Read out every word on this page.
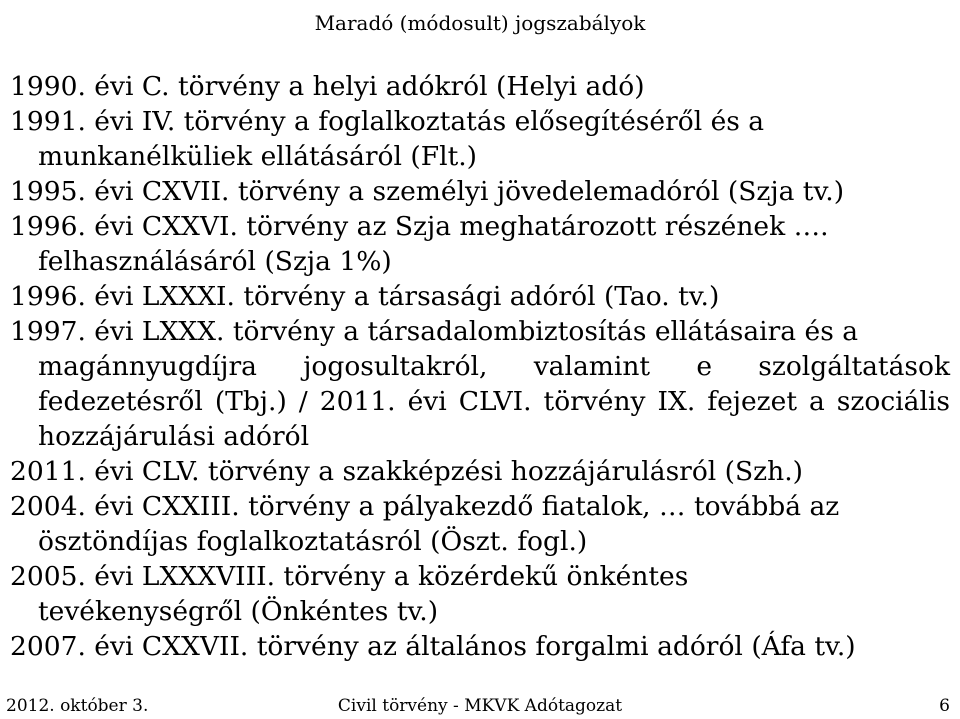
Maradó (módosult) jogszabályok
1990. évi C. törvény a helyi adókról (Helyi adó)
1991. évi IV. törvény a foglalkoztatás elősegítéséről és a
munkanélküliek ellátásáról (Flt.)
1995. évi CXVII. törvény a személyi jövedelemadóról (Szja tv.)
1996. évi CXXVI. törvény az Szja meghatározott részének ….
felhasználásáról (Szja 1%)
1996. évi LXXXI. törvény a társasági adóról (Tao. tv.)
1997. évi LXXX. törvény a társadalombiztosítás ellátásaira és a
magánnyugdíjra jogosultakról, valamint e szolgáltatások fedezetésről (Tbj.) / 2011. évi CLVI. törvény IX. fejezet a szociális hozzájárulási adóról
2011. évi CLV. törvény a szakképzési hozzájárulásról (Szh.)
2004. évi CXXIII. törvény a pályakezdő fiatalok, … továbbá az
ösztöndíjas foglalkoztatásról (Öszt. fogl.)
2005. évi LXXXVIII. törvény a közérdekű önkéntes
tevékenységről (Önkéntes tv.)
2007. évi CXXVII. törvény az általános forgalmi adóról (Áfa tv.)
2012. október 3.	Civil törvény - MKVK Adótagozat	6
